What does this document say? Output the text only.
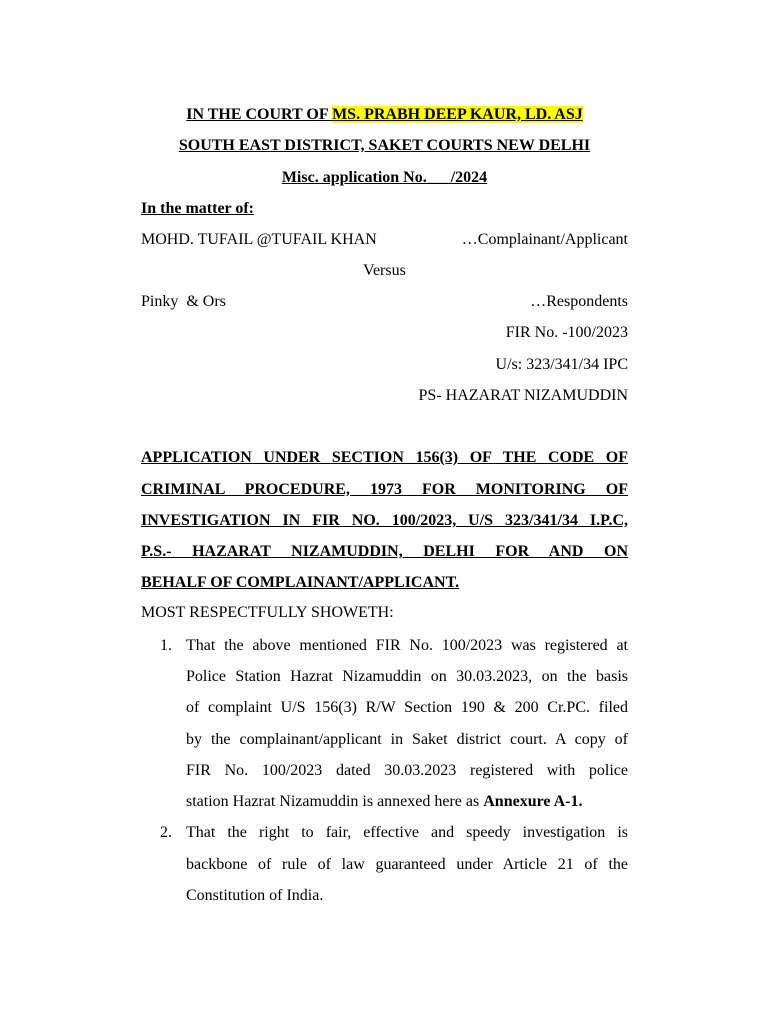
IN THE COURT OF MS. PRABH DEEP KAUR, LD. ASJ
SOUTH EAST DISTRICT, SAKET COURTS NEW DELHI
Misc. application No.___/2024
In the matter of:
MOHD. TUFAIL @TUFAIL KHAN	…Complainant/Applicant
Versus
Pinky  & Ors	…Respondents
FIR No. -100/2023
U/s: 323/341/34 IPC
PS- HAZARAT NIZAMUDDIN
APPLICATION UNDER SECTION 156(3) OF THE CODE OF
CRIMINAL PROCEDURE, 1973 FOR MONITORING OF
INVESTIGATION IN FIR NO. 100/2023, U/S 323/341/34 I.P.C,
P.S.- HAZARAT NIZAMUDDIN, DELHI FOR AND ON
BEHALF OF COMPLAINANT/APPLICANT.
MOST RESPECTFULLY SHOWETH:
1. That the above mentioned FIR No. 100/2023 was registered at
Police Station Hazrat Nizamuddin on 30.03.2023, on the basis
of complaint U/S 156(3) R/W Section 190 & 200 Cr.PC. filed
by the complainant/applicant in Saket district court. A copy of
FIR No. 100/2023 dated 30.03.2023 registered with police
station Hazrat Nizamuddin is annexed here as Annexure A-1.
2. That the right to fair, effective and speedy investigation is
backbone of rule of law guaranteed under Article 21 of the
Constitution of India.
